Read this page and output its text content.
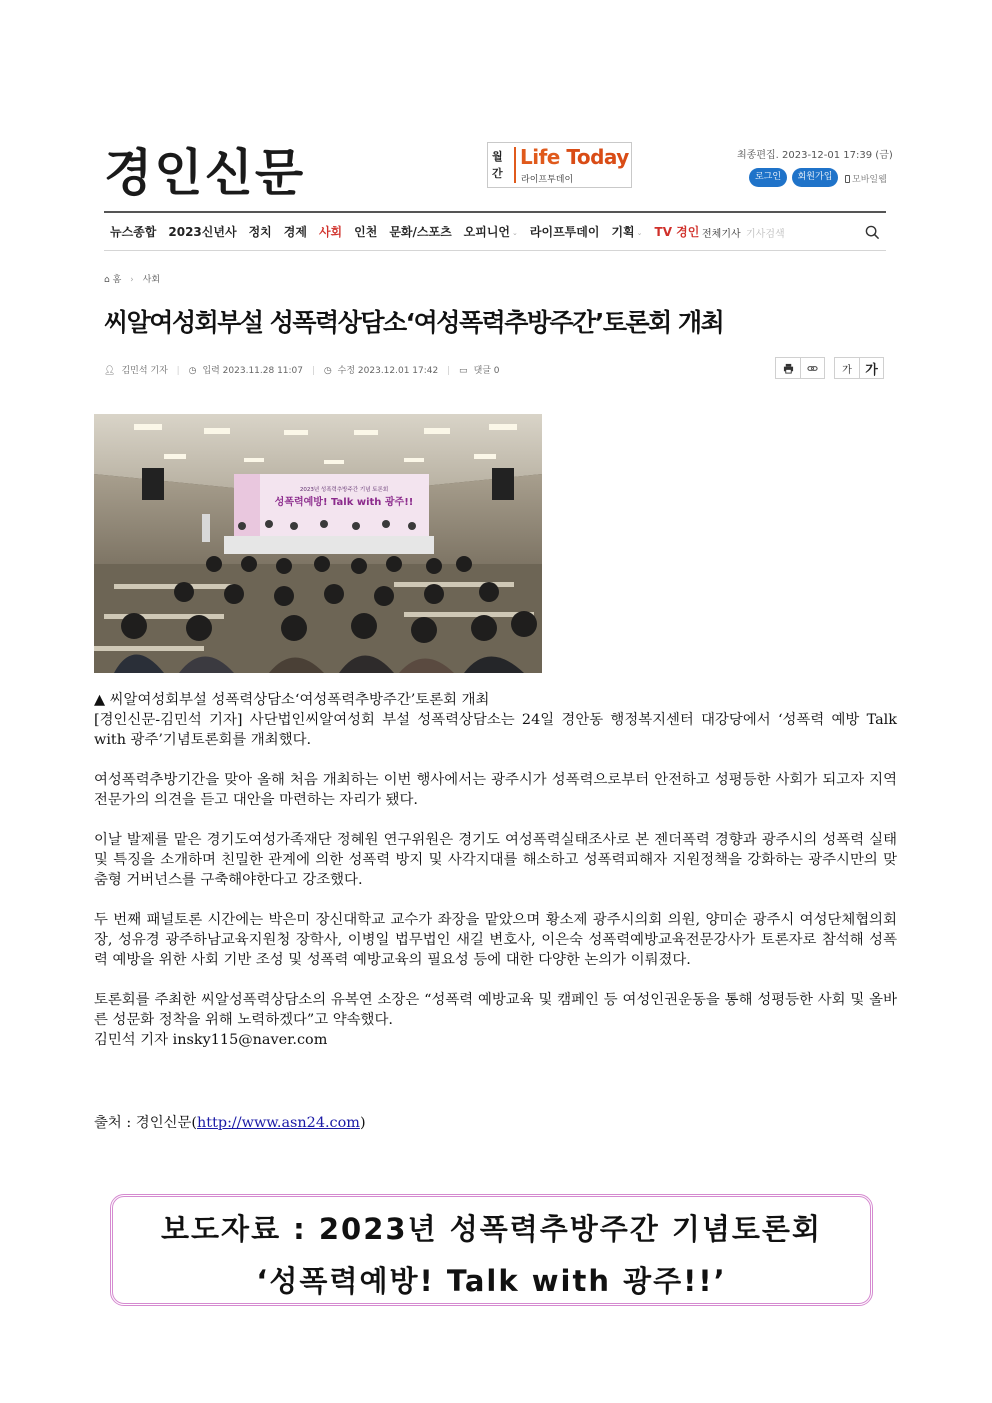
경인신문	월간
Life Today
라이프투데이
최종편집. 2023-12-01 17:39 (금)
로그인	회원가입	모바일웹
뉴스종합 2023신년사 정치 경제 사회 인천 문화/스포츠 오피니언 ⌄ 라이프투데이 기획 ⌄ TV 경인 전체기사 기사검색
⌂ 홈 › 사회
씨알여성회부설 성폭력상담소‘여성폭력추방주간’토론회 개최
👤︎ 김민석 기자 | ◷ 입력 2023.11.28 11:07 | ◷ 수정 2023.12.01 17:42 | ▭ 댓글 0	가	가
2023년 성폭력추방주간 기념 토론회
성폭력예방! Talk with 광주!!

▲ 씨알여성회부설 성폭력상담소‘여성폭력추방주간’토론회 개최

[경인신문-김민석 기자] 사단법인씨알여성회 부설 성폭력상담소는 24일 경안동 행정복지센터 대강당에서 ‘성폭력 예방 Talk with 광주’기념토론회를 개최했다.

여성폭력추방기간을 맞아 올해 처음 개최하는 이번 행사에서는 광주시가 성폭력으로부터 안전하고 성평등한 사회가 되고자 지역전문가의 의견을 듣고 대안을 마련하는 자리가 됐다.

이날 발제를 맡은 경기도여성가족재단 정혜원 연구위원은 경기도 여성폭력실태조사로 본 젠더폭력 경향과 광주시의 성폭력 실태 및 특징을 소개하며 친밀한 관계에 의한 성폭력 방지 및 사각지대를 해소하고 성폭력피해자 지원정책을 강화하는 광주시만의 맞춤형 거버넌스를 구축해야한다고 강조했다.

두 번째 패널토론 시간에는 박은미 장신대학교 교수가 좌장을 맡았으며 황소제 광주시의회 의원, 양미순 광주시 여성단체협의회장, 성유경 광주하남교육지원청 장학사, 이병일 법무법인 새길 변호사, 이은숙 성폭력예방교육전문강사가 토론자로 참석해 성폭력 예방을 위한 사회 기반 조성 및 성폭력 예방교육의 필요성 등에 대한 다양한 논의가 이뤄졌다.

토론회를 주최한 씨알성폭력상담소의 유복연 소장은 “성폭력 예방교육 및 캠페인 등 여성인권운동을 통해 성평등한 사회 및 올바른 성문화 정착을 위해 노력하겠다”고 약속했다.

김민석 기자 insky115@naver.com

출처 : 경인신문(http://www.asn24.com)
보도자료 : 2023년 성폭력추방주간 기념토론회
‘성폭력예방! Talk with 광주!!’
